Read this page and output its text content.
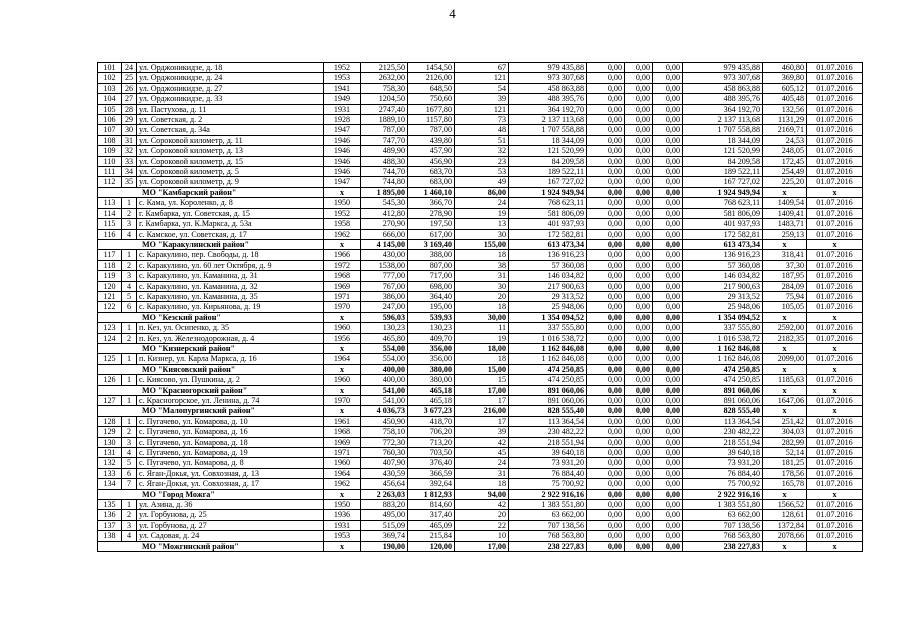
4
101	24	ул. Орджоникидзе, д. 18	1952	2125,50	1454,50	67	979 435,88	0,00	0,00	0,00	979 435,88	460,80	01.07.2016
102	25	ул. Орджоникидзе, д. 24	1953	2632,00	2126,00	121	973 307,68	0,00	0,00	0,00	973 307,68	369,80	01.07.2016
103	26	ул. Орджоникидзе, д. 27	1941	758,30	648,50	54	458 863,88	0,00	0,00	0,00	458 863,88	605,12	01.07.2016
104	27	ул. Орджоникидзе, д. 33	1949	1204,50	750,60	39	488 395,76	0,00	0,00	0,00	488 395,76	405,48	01.07.2016
105	28	ул. Пастухова, д. 11	1931	2747,40	1677,80	121	364 192,70	0,00	0,00	0,00	364 192,70	132,56	01.07.2016
106	29	ул. Советская, д. 2	1928	1889,10	1157,80	73	2 137 113,68	0,00	0,00	0,00	2 137 113,68	1131,29	01.07.2016
107	30	ул. Советская, д. 34а	1947	787,00	787,00	48	1 707 558,88	0,00	0,00	0,00	1 707 558,88	2169,71	01.07.2016
108	31	ул. Сороковой километр, д. 11	1946	747,70	439,80	51	18 344,09	0,00	0,00	0,00	18 344,09	24,53	01.07.2016
109	32	ул. Сороковой километр, д. 13	1946	489,90	457,90	32	121 520,99	0,00	0,00	0,00	121 520,99	248,05	01.07.2016
110	33	ул. Сороковой километр, д. 15	1946	488,30	456,90	23	84 209,58	0,00	0,00	0,00	84 209,58	172,45	01.07.2016
111	34	ул. Сороковой километр, д. 5	1946	744,70	683,70	53	189 522,11	0,00	0,00	0,00	189 522,11	254,49	01.07.2016
112	35	ул. Сороковой километр, д. 9	1947	744,80	683,00	49	167 727,02	0,00	0,00	0,00	167 727,02	225,20	01.07.2016
МО "Камбарский район"			x	1 895,00	1 460,10	86,00	1 924 949,94	0,00	0,00	0,00	1 924 949,94	x	x
113	1	с. Кама, ул. Короленко, д. 8	1950	545,30	366,70	24	768 623,11	0,00	0,00	0,00	768 623,11	1409,54	01.07.2016
114	2	г. Камбарка, ул. Советская, д. 15	1952	412,80	278,90	19	581 806,09	0,00	0,00	0,00	581 806,09	1409,41	01.07.2016
115	3	г. Камбарка, ул. К.Маркса, д. 53а	1958	270,90	197,50	13	401 937,93	0,00	0,00	0,00	401 937,93	1483,71	01.07.2016
116	4	с. Камское, ул. Советская, д. 17	1962	666,00	617,00	30	172 582,81	0,00	0,00	0,00	172 582,81	259,13	01.07.2016
МО "Каракулинский район"			x	4 145,00	3 169,40	155,00	613 473,34	0,00	0,00	0,00	613 473,34	x	x
117	1	с. Каракулино, пер. Свободы, д. 18	1966	430,00	388,00	18	136 916,23	0,00	0,00	0,00	136 916,23	318,41	01.07.2016
118	2	с. Каракулино, ул. 60 лет Октября, д. 9	1972	1538,00	807,00	38	57 360,08	0,00	0,00	0,00	57 360,08	37,30	01.07.2016
119	3	с. Каракулино, ул. Каманина, д. 31	1968	777,00	717,00	31	146 034,82	0,00	0,00	0,00	146 034,82	187,95	01.07.2016
120	4	с. Каракулино, ул. Каманина, д. 32	1969	767,00	698,00	30	217 900,63	0,00	0,00	0,00	217 900,63	284,09	01.07.2016
121	5	с. Каракулино, ул. Каманина, д. 35	1971	386,00	364,40	20	29 313,52	0,00	0,00	0,00	29 313,52	75,94	01.07.2016
122	6	с. Каракулино, ул. Кирьянова, д. 19	1970	247,00	195,00	18	25 948,06	0,00	0,00	0,00	25 948,06	105,05	01.07.2016
МО "Кезский район"			x	596,03	539,93	30,00	1 354 094,52	0,00	0,00	0,00	1 354 094,52	x	x
123	1	п. Кез, ул. Осипенко, д. 35	1960	130,23	130,23	11	337 555,80	0,00	0,00	0,00	337 555,80	2592,00	01.07.2016
124	2	п. Кез, ул. Железнодорожная, д. 4	1956	465,80	409,70	19	1 016 538,72	0,00	0,00	0,00	1 016 538,72	2182,35	01.07.2016
МО "Кизнерский район"			x	554,00	356,00	18,00	1 162 846,08	0,00	0,00	0,00	1 162 846,08	x	x
125	1	п. Кизнер, ул. Карла Маркса, д. 16	1964	554,00	356,00	18	1 162 846,08	0,00	0,00	0,00	1 162 846,08	2099,00	01.07.2016
МО "Киясовский район"			x	400,00	380,00	15,00	474 250,85	0,00	0,00	0,00	474 250,85	x	x
126	1	с. Киясово, ул. Пушкина, д. 2	1960	400,00	380,00	15	474 250,85	0,00	0,00	0,00	474 250,85	1185,63	01.07.2016
МО "Красногорский район"			x	541,00	465,18	17,00	891 060,06	0,00	0,00	0,00	891 060,06	x	x
127	1	с. Красногорское, ул. Ленина, д. 74	1970	541,00	465,18	17	891 060,06	0,00	0,00	0,00	891 060,06	1647,06	01.07.2016
МО "Малопургинский район"			x	4 036,73	3 677,23	216,00	828 555,40	0,00	0,00	0,00	828 555,40	x	x
128	1	с. Пугачево, ул. Комарова, д. 10	1961	450,90	418,70	17	113 364,54	0,00	0,00	0,00	113 364,54	251,42	01.07.2016
129	2	с. Пугачево, ул. Комарова, д. 16	1968	758,10	706,20	39	230 482,22	0,00	0,00	0,00	230 482,22	304,03	01.07.2016
130	3	с. Пугачево, ул. Комарова, д. 18	1969	772,30	713,20	42	218 551,94	0,00	0,00	0,00	218 551,94	282,99	01.07.2016
131	4	с. Пугачево, ул. Комарова, д. 19	1971	760,30	703,50	45	39 640,18	0,00	0,00	0,00	39 640,18	52,14	01.07.2016
132	5	с. Пугачево, ул. Комарова, д. 8	1960	407,90	376,40	24	73 931,20	0,00	0,00	0,00	73 931,20	181,25	01.07.2016
133	6	с. Яган-Докья, ул. Совхозная, д. 13	1964	430,59	366,59	31	76 884,40	0,00	0,00	0,00	76 884,40	178,56	01.07.2016
134	7	с. Яган-Докья, ул. Совхозная, д. 17	1962	456,64	392,64	18	75 700,92	0,00	0,00	0,00	75 700,92	165,78	01.07.2016
МО "Город Можга"			x	2 263,03	1 812,93	94,00	2 922 916,16	0,00	0,00	0,00	2 922 916,16	x	x
135	1	ул. Азина, д. 36	1950	883,20	814,60	42	1 383 551,80	0,00	0,00	0,00	1 383 551,80	1566,52	01.07.2016
136	2	ул. Горбунова, д. 25	1936	495,00	317,40	20	63 662,00	0,00	0,00	0,00	63 662,00	128,61	01.07.2016
137	3	ул. Горбунова, д. 27	1931	515,09	465,09	22	707 138,56	0,00	0,00	0,00	707 138,56	1372,84	01.07.2016
138	4	ул. Садовая, д. 24	1953	369,74	215,84	10	768 563,80	0,00	0,00	0,00	768 563,80	2078,66	01.07.2016
МО "Можгинский район"			x	190,00	120,00	17,00	238 227,83	0,00	0,00	0,00	238 227,83	x	x
